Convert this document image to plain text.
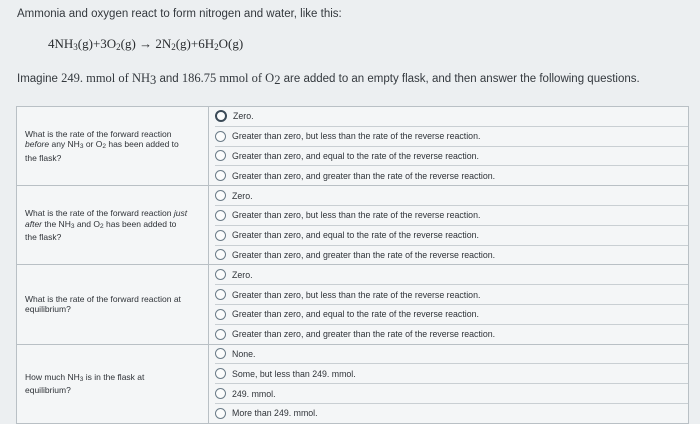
Ammonia and oxygen react to form nitrogen and water, like this:
$4NH_3(g)+3O_2(g) \to 2N_2(g)+6H_2O(g)$
Imagine 249. mmol of $NH_3$ and 186.75 mmol of $O_2$ are added to an empty flask, and then answer the following questions.
What is the rate of the forward reaction before any $NH_3$ or $O_2$ has been added to the flask?	Zero.
Greater than zero, but less than the rate of the reverse reaction.
Greater than zero, and equal to the rate of the reverse reaction.
Greater than zero, and greater than the rate of the reverse reaction.

What is the rate of the forward reaction just after the $NH_3$ and $O_2$ has been added to the flask?	Zero.
Greater than zero, but less than the rate of the reverse reaction.
Greater than zero, and equal to the rate of the reverse reaction.
Greater than zero, and greater than the rate of the reverse reaction.

What is the rate of the forward reaction at equilibrium?	Zero.
Greater than zero, but less than the rate of the reverse reaction.
Greater than zero, and equal to the rate of the reverse reaction.
Greater than zero, and greater than the rate of the reverse reaction.

How much $NH_3$ is in the flask at equilibrium?	None.
Some, but less than 249. mmol.
249. mmol.
More than 249. mmol.
